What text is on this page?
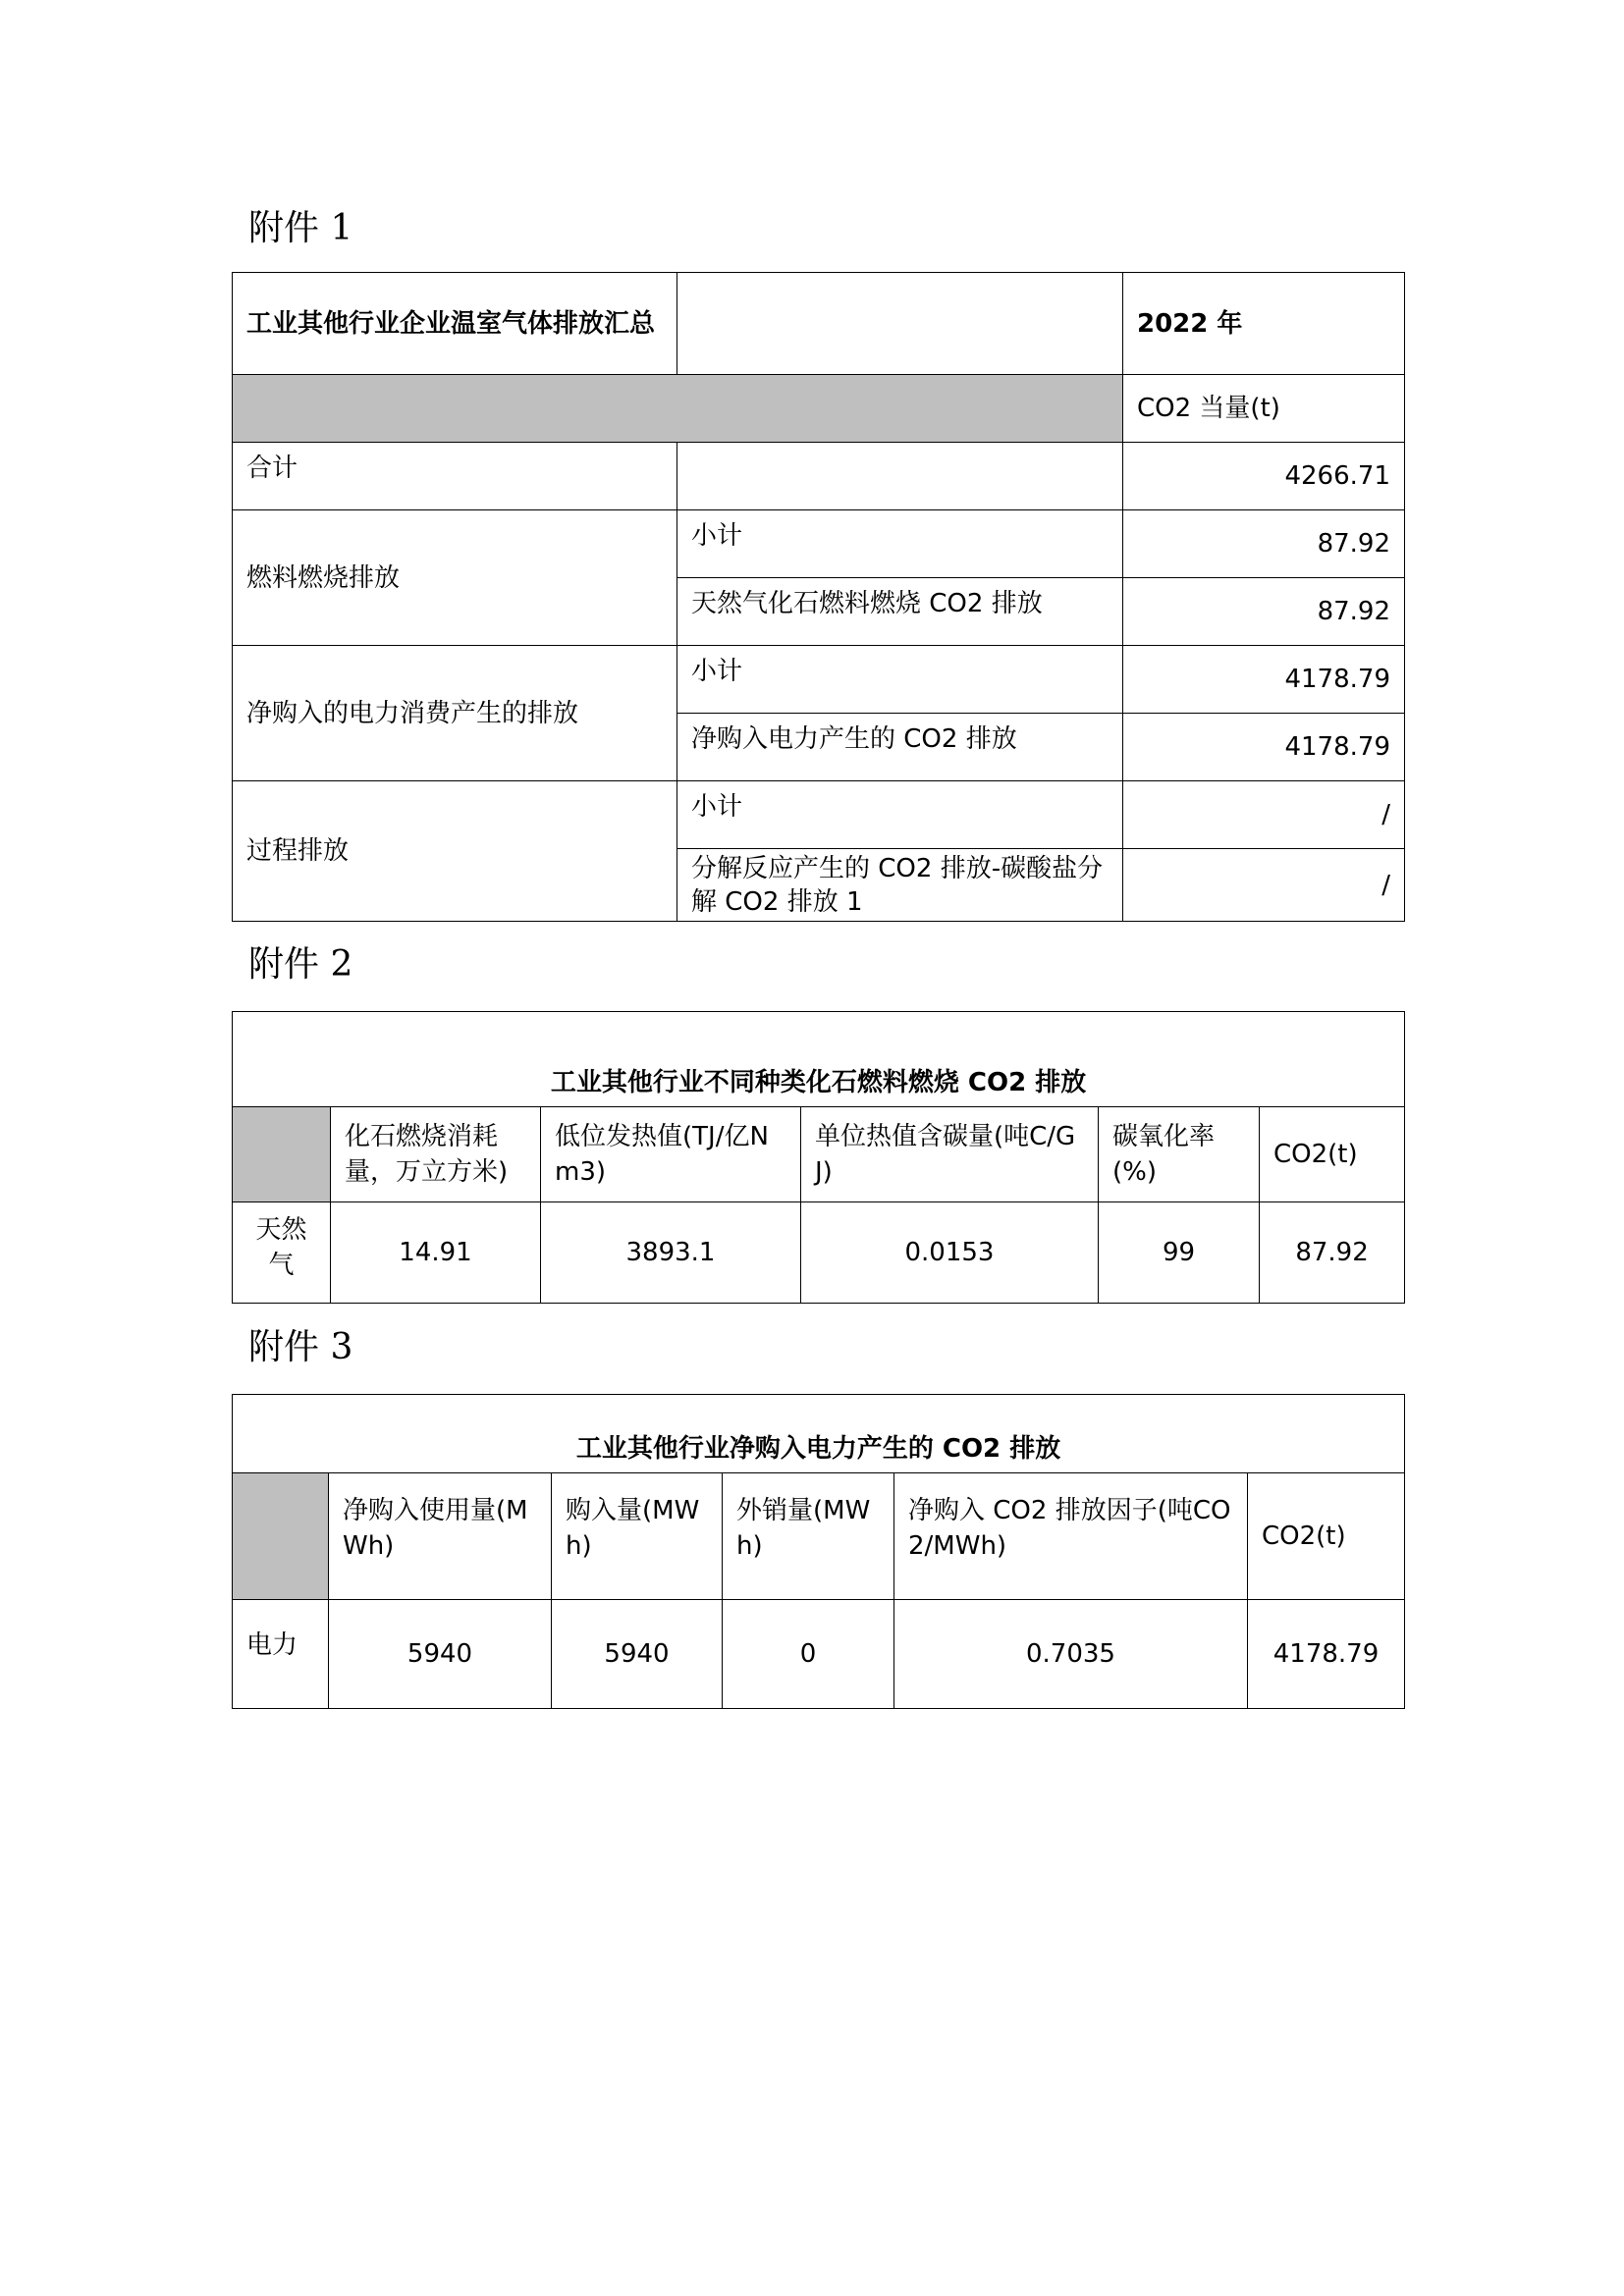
附件 1
工业其他行业企业温室气体排放汇总		2022 年
		CO2 当量(t)
合计		4266.71
燃料燃烧排放	小计	87.92
	天然气化石燃料燃烧 CO2 排放	87.92
净购入的电力消费产生的排放	小计	4178.79
	净购入电力产生的 CO2 排放	4178.79
过程排放	小计	/
	分解反应产生的 CO2 排放-碳酸盐分解 CO2 排放 1	/
附件 2
工业其他行业不同种类化石燃料燃烧 CO2 排放					
	化石燃烧消耗量，万立方米)	低位发热值(TJ/亿Nm3)	单位热值含碳量(吨C/GJ)	碳氧化率(%)	CO2(t)
天然气	14.91	3893.1	0.0153	99	87.92
附件 3
工业其他行业净购入电力产生的 CO2 排放					
	净购入使用量(MWh)	购入量(MWh)	外销量(MWh)	净购入 CO2 排放因子(吨CO2/MWh)	CO2(t)
电力	5940	5940	0	0.7035	4178.79
